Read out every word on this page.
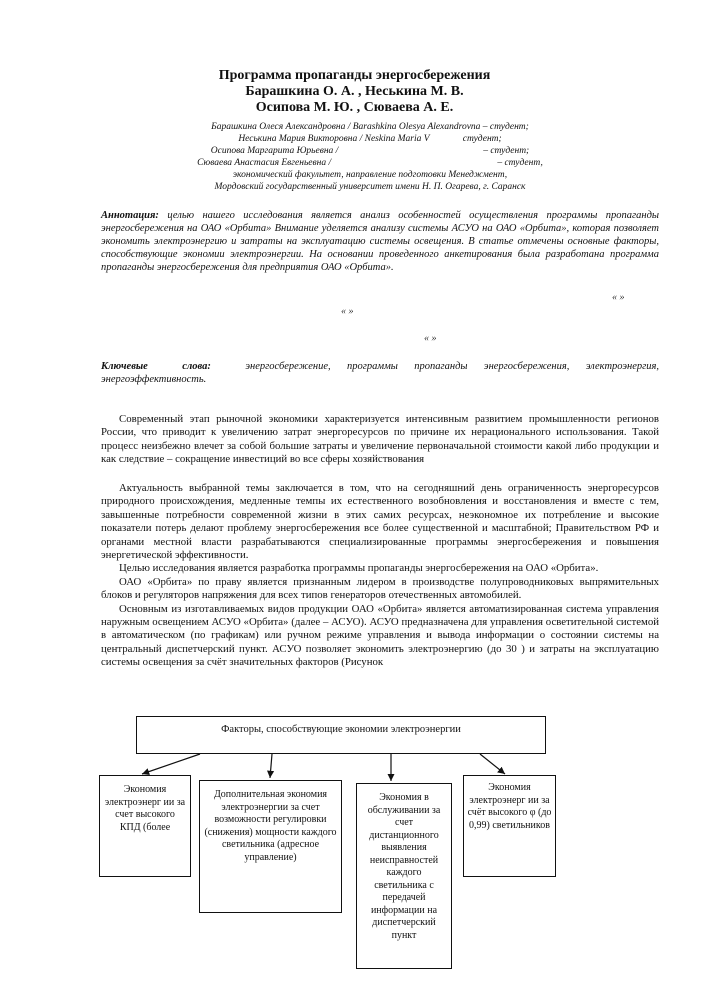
Программа пропаганды энергосбережения
Барашкина О. А. , Неськина М. В.
Осипова М. Ю. , Сюваева А. Е.
Барашкина Олеся Александровна / Barashkina Olesya Alexandrovna – студент;
Неськина Мария Викторовна / Neskina Maria V	студент;
Осипова Маргарита Юрьевна /	– студент;
Сюваева Анастасия Евгеньевна /	– студент,
экономический факультет, направление подготовки Менеджмент,
Мордовский государственный университет имени Н. П. Огарева, г. Саранск
Аннотация: целью нашего исследования является анализ особенностей осуществления программы пропаганды энергосбережения на ОАО «Орбита» Внимание уделяется анализу системы АСУО на ОАО «Орбита», которая позволяет экономить электроэнергию и затраты на эксплуатацию системы освещения. В статье отмечены основные факторы, способствующие экономии электроэнергии. На основании проведенного анкетирования была разработана программа пропаганды энергосбережения для предприятия ОАО «Орбита».
« »
« »
« »
Ключевые слова:	энергосбережение, программы пропаганды энергосбережения, электроэнергия, энергоэффективность.

Современный этап рыночной экономики характеризуется интенсивным развитием промышленности регионов России, что приводит к увеличению затрат энергоресурсов по причине их нерационального использования. Такой процесс неизбежно влечет за собой большие затраты и увеличение первоначальной стоимости какой либо продукции и как следствие – сокращение инвестиций во все сферы хозяйствования

Актуальность выбранной темы заключается в том, что на сегодняшний день ограниченность энергоресурсов природного происхождения, медленные темпы их естественного возобновления и восстановления и вместе с тем, завышенные потребности современной жизни в этих самих ресурсах, неэкономное их потребление и высокие показатели потерь делают проблему энергосбережения все более существенной и масштабной; Правительством РФ и органами местной власти разрабатываются специализированные программы энергосбережения и повышения энергетической эффективности.

Целью исследования является разработка программы пропаганды энергосбережения на ОАО «Орбита».

ОАО «Орбита» по праву является признанным лидером в производстве полупроводниковых выпрямительных блоков и регуляторов напряжения для всех типов генераторов отечественных автомобилей.

Основным из изготавливаемых видов продукции ОАО «Орбита» является автоматизированная система управления наружным освещением АСУО «Орбита» (далее – АСУО). АСУО предназначена для управления осветительной системой в автоматическом (по графикам) или ручном режиме управления и вывода информации о состоянии системы на центральный диспетчерский пункт. АСУО позволяет экономить электроэнергию (до 30 ) и затраты на эксплуатацию системы освещения за счёт значительных факторов (Рисунок

Факторы, способствующие экономии электроэнергии
Экономия электроэнерг ии за счет высокого КПД (более
Дополнительная экономия электроэнергии за счет возможности регулировки (снижения) мощности каждого светильника (адресное управление)
Экономия в обслуживании за счет дистанционного выявления неисправностей каждого светильника с передачей информации на диспетчерский пункт
Экономия электроэнерг ии за счёт высокого φ (до 0,99) светильников
